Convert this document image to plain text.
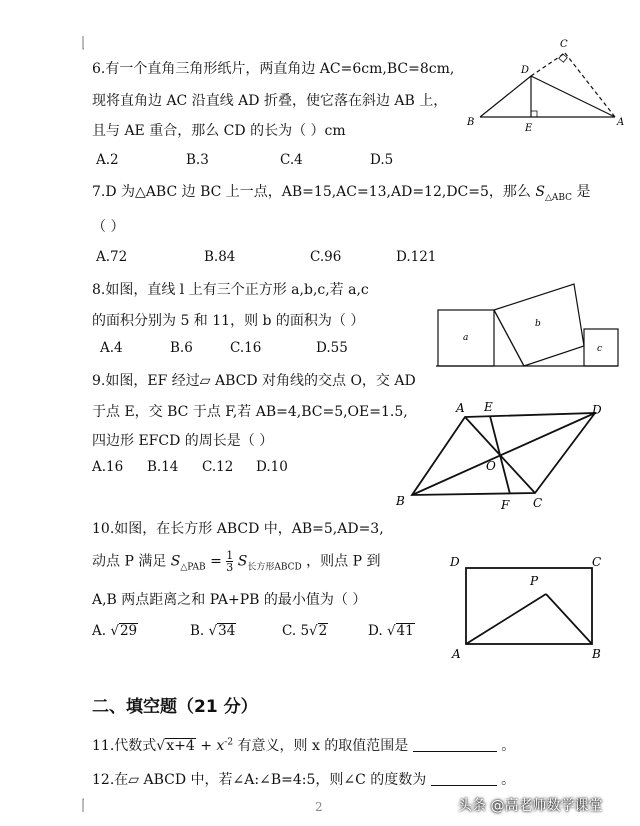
6.有一个直角三角形纸片，两直角边 AC=6cm,BC=8cm,
现将直角边 AC 沿直线 AD 折叠，使它落在斜边 AB 上，
且与 AE 重合，那么 CD 的长为（ ）cm
A.2	B.3	C.4	D.5
C
D
B
E
A
7.D 为△ABC 边 BC 上一点，AB=15,AC=13,AD=12,DC=5，那么 $S_{\triangle ABC}$ 是
（ ）
A.72	B.84	C.96	D.121
8.如图，直线 l 上有三个正方形 a,b,c,若 a,c
的面积分别为 5 和 11，则 b 的面积为（ ）
A.4	B.6	C.16	D.55
a
b
c
9.如图，EF 经过▱ ABCD 对角线的交点 O，交 AD
于点 E，交 BC 于点 F,若 AB=4,BC=5,OE=1.5,
四边形 EFCD 的周长是（ ）
A.16 B.14 C.12 D.10
A E	D
O
B	F C
10.如图，在长方形 ABCD 中，AB=5,AD=3,
动点 P 满足 $S_{\triangle PAB} = \frac{1}{3} S_{长方形ABCD}$ ，则点 P 到
A,B 两点距离之和 PA+PB 的最小值为（ ）
A. √29	B. √34	C. 5√2	D. √41
D	C
P
A	B
二、填空题（21 分）
11.代数式$√x+4 + x^{-2}$ 有意义，则 x 的取值范围是	。
12.在▱ ABCD 中，若∠A:∠B=4:5，则∠C 的度数为	。
2	头条 @高老师数学课堂
